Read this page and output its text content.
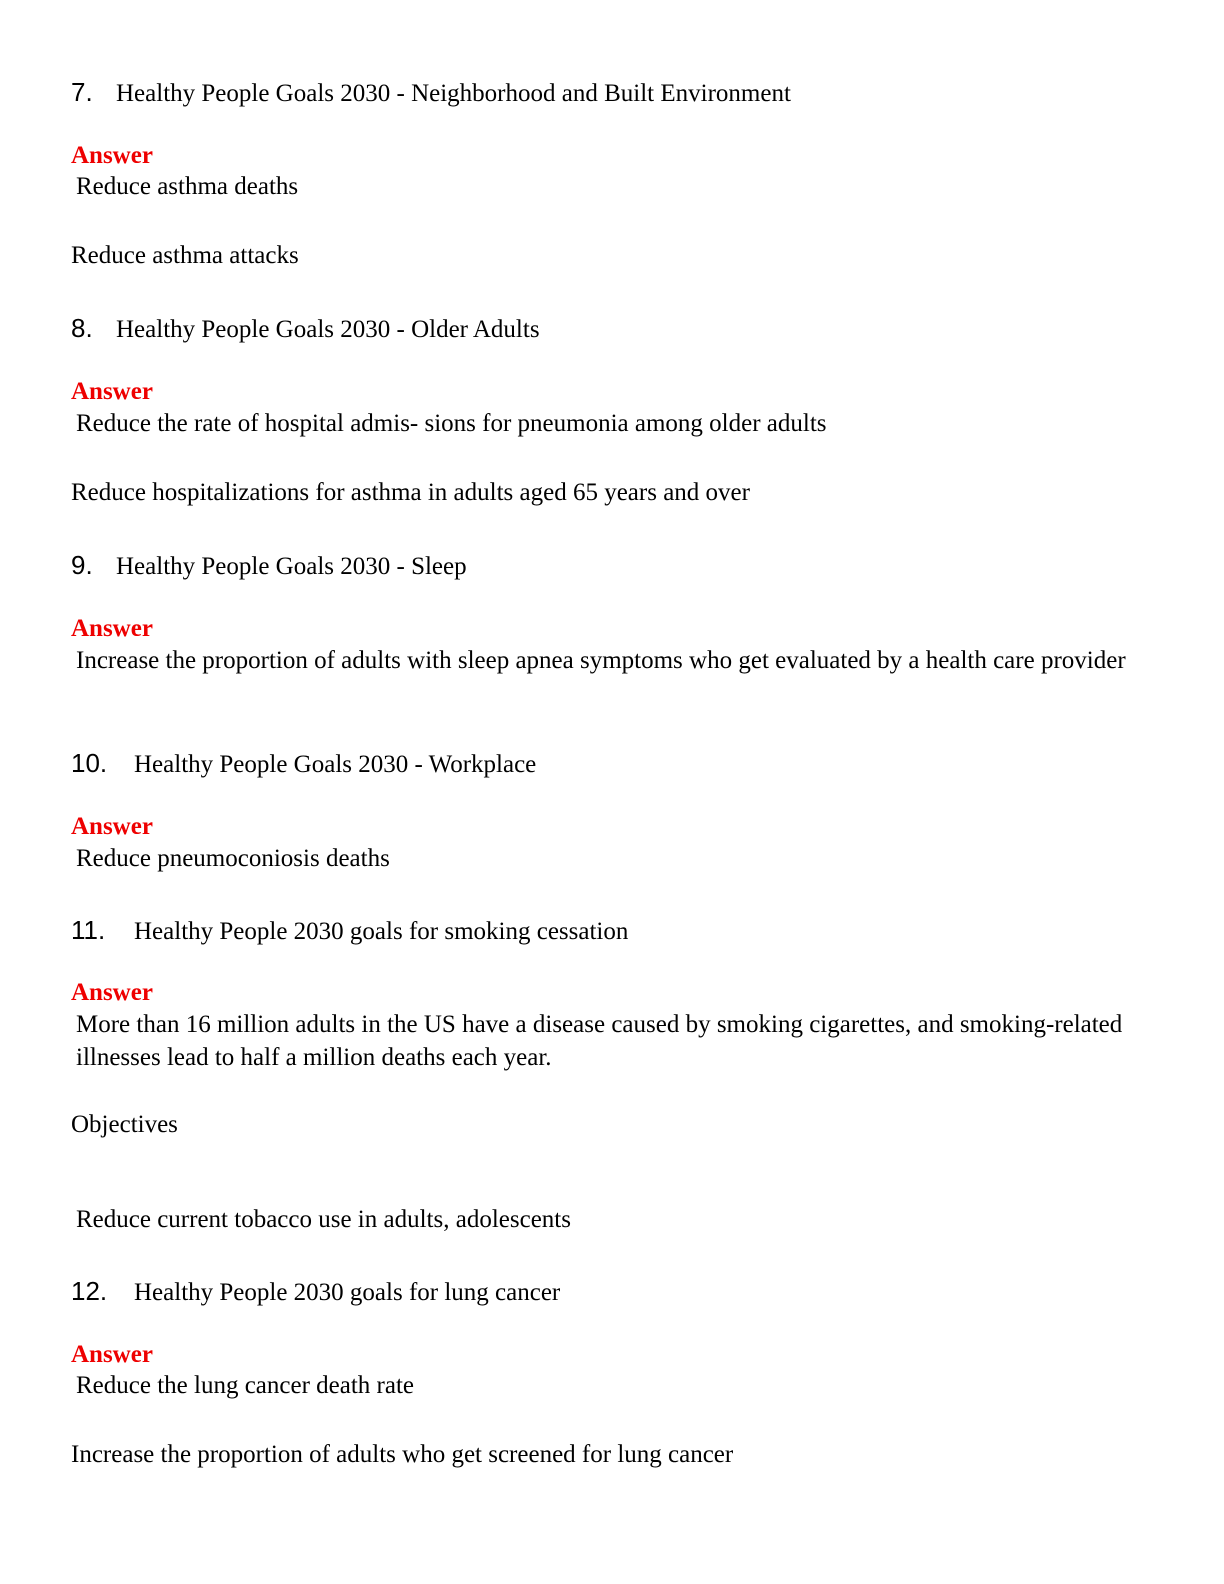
7. Healthy People Goals 2030 - Neighborhood and Built Environment
Answer
Reduce asthma deaths
Reduce asthma attacks
8. Healthy People Goals 2030 - Older Adults
Answer
Reduce the rate of hospital admis- sions for pneumonia among older adults
Reduce hospitalizations for asthma in adults aged 65 years and over
9. Healthy People Goals 2030 - Sleep
Answer
Increase the proportion of adults with sleep apnea symptoms who get evaluated by a health care provider
10. Healthy People Goals 2030 - Workplace
Answer
Reduce pneumoconiosis deaths
11. Healthy People 2030 goals for smoking cessation
Answer
More than 16 million adults in the US have a disease caused by smoking cigarettes, and smoking-related illnesses lead to half a million deaths each year.
Objectives
Reduce current tobacco use in adults, adolescents
12. Healthy People 2030 goals for lung cancer
Answer
Reduce the lung cancer death rate
Increase the proportion of adults who get screened for lung cancer
